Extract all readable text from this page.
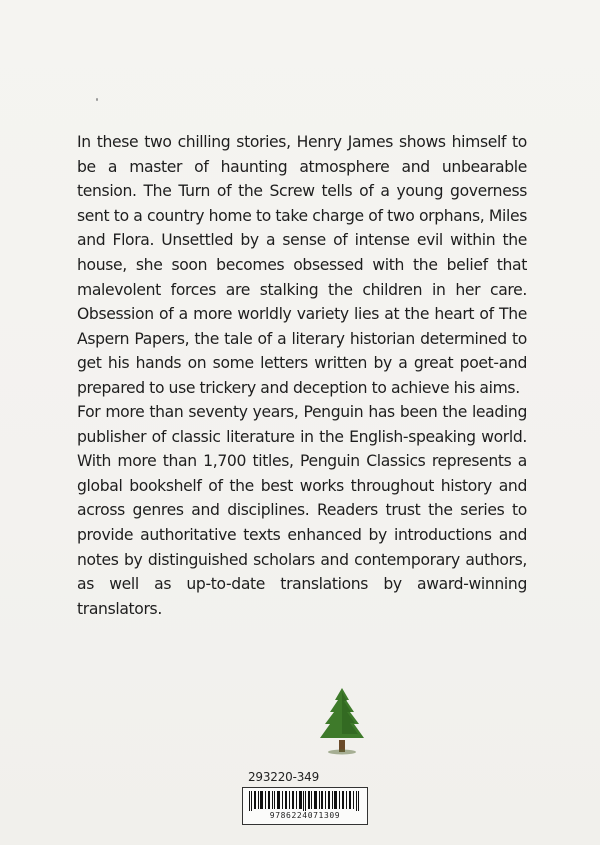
In these two chilling stories, Henry James shows himself to be a master of haunting atmosphere and unbearable tension. The Turn of the Screw tells of a young governess sent to a country home to take charge of two orphans, Miles and Flora. Unsettled by a sense of intense evil within the house, she soon becomes obsessed with the belief that malevolent forces are stalking the children in her care. Obsession of a more worldly variety lies at the heart of The Aspern Papers, the tale of a literary historian determined to get his hands on some letters written by a great poet-and prepared to use trickery and deception to achieve his aims.

For more than seventy years, Penguin has been the leading publisher of classic literature in the English-speaking world. With more than 1,700 titles, Penguin Classics represents a global bookshelf of the best works throughout history and across genres and disciplines. Readers trust the series to provide authoritative texts enhanced by introductions and notes by distinguished scholars and contemporary authors, as well as up-to-date translations by award-winning translators.

293220-349
9786224071309
